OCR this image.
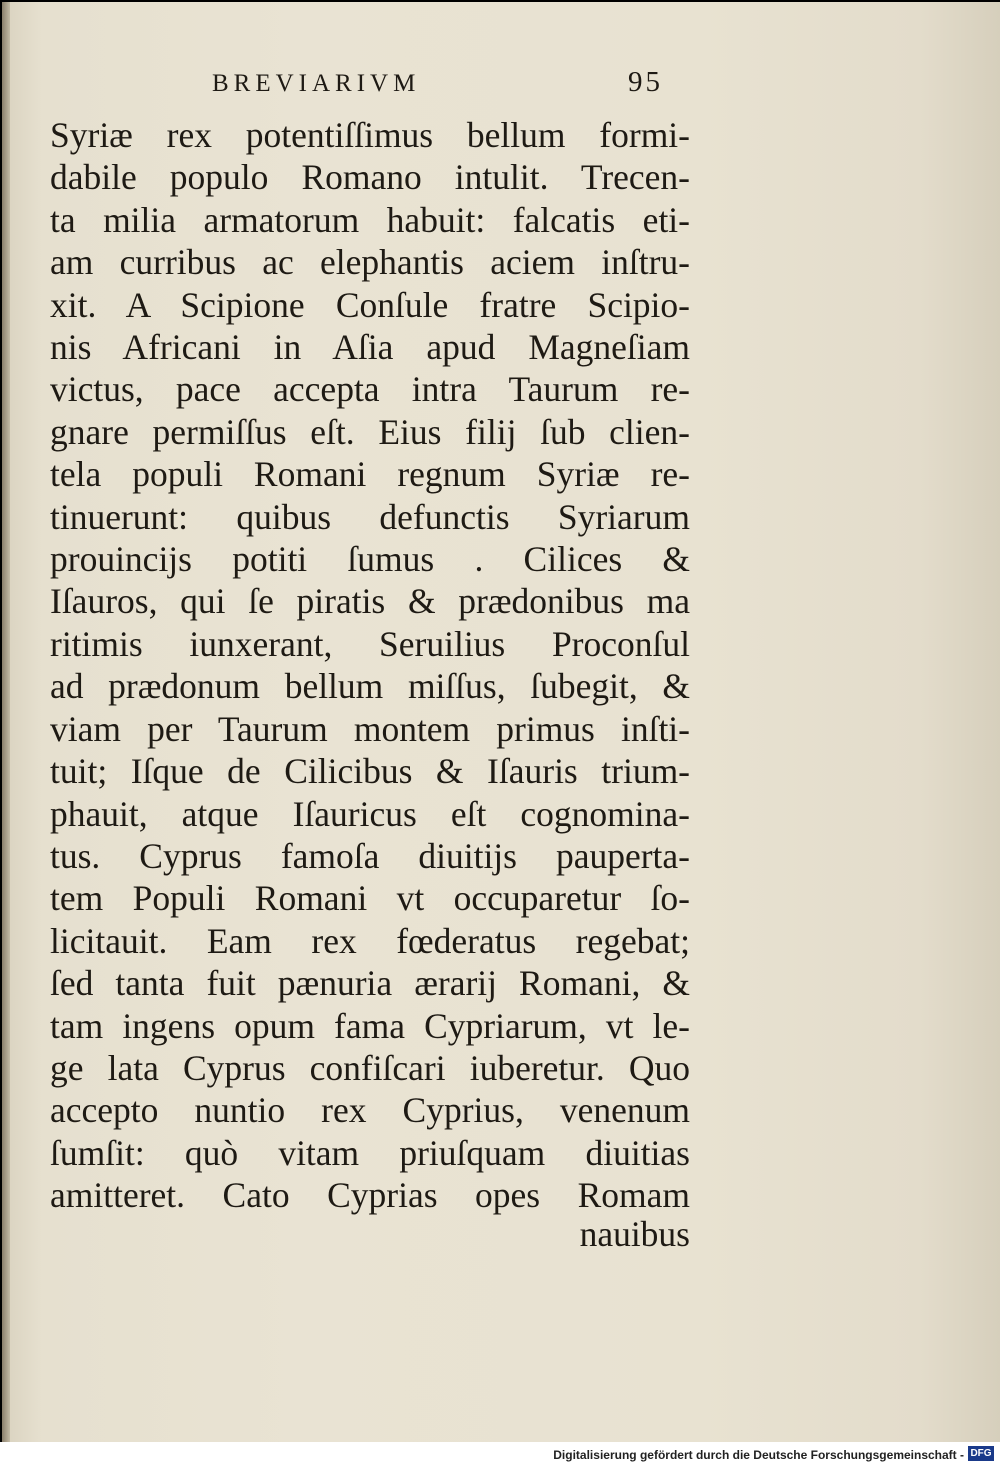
BREVIARIVM	95
Syriæ rex potentiſſimus bellum formi-
dabile populo Romano intulit. Trecen-
ta milia armatorum habuit: falcatis eti-
am curribus ac elephantis aciem inſtru-
xit. A Scipione Conſule fratre Scipio-
nis Africani in Aſia apud Magneſiam
victus, pace accepta intra Taurum re-
gnare permiſſus eſt. Eius filij ſub clien-
tela populi Romani regnum Syriæ re-
tinuerunt: quibus defunctis Syriarum
prouincijs potiti ſumus . Cilices &
Iſauros, qui ſe piratis & prædonibus ma
ritimis iunxerant, Seruilius Proconſul
ad prædonum bellum miſſus, ſubegit, &
viam per Taurum montem primus inſti-
tuit; Iſque de Cilicibus & Iſauris trium-
phauit, atque Iſauricus eſt cognomina-
tus. Cyprus famoſa diuitijs pauperta-
tem Populi Romani vt occuparetur ſo-
licitauit. Eam rex fœderatus regebat;
ſed tanta fuit pænuria ærarij Romani, &
tam ingens opum fama Cypriarum, vt le-
ge lata Cyprus confiſcari iuberetur. Quo
accepto nuntio rex Cyprius, venenum
ſumſit: quò vitam priuſquam diuitias
amitteret. Cato Cyprias opes Romam
nauibus
Digitalisierung gefördert durch die Deutsche Forschungsgemeinschaft - DFG
